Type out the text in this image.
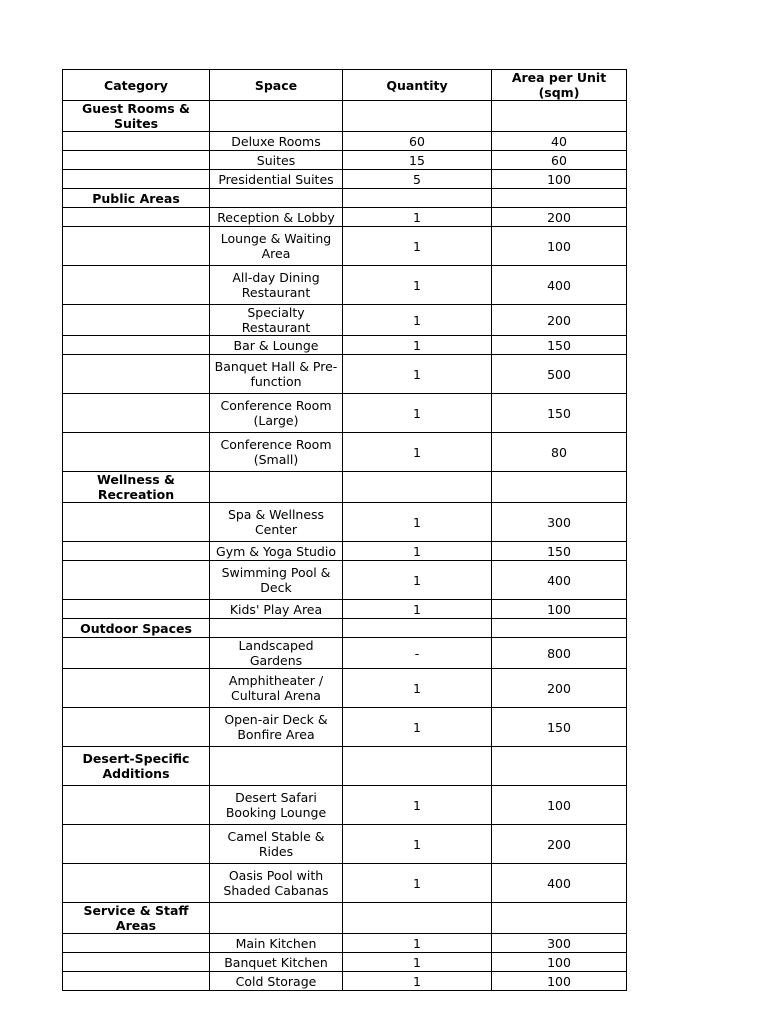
Category	Space	Quantity	Area per Unit (sqm)
Guest Rooms & Suites			
	Deluxe Rooms	60	40
	Suites	15	60
	Presidential Suites	5	100
Public Areas			
	Reception & Lobby	1	200
	Lounge & Waiting Area	1	100
	All-day Dining Restaurant	1	400
	Specialty Restaurant	1	200
	Bar & Lounge	1	150
	Banquet Hall & Pre-function	1	500
	Conference Room (Large)	1	150
	Conference Room (Small)	1	80
Wellness & Recreation			
	Spa & Wellness Center	1	300
	Gym & Yoga Studio	1	150
	Swimming Pool & Deck	1	400
	Kids' Play Area	1	100
Outdoor Spaces			
	Landscaped Gardens	-	800
	Amphitheater / Cultural Arena	1	200
	Open-air Deck & Bonfire Area	1	150
Desert-Specific Additions			
	Desert Safari Booking Lounge	1	100
	Camel Stable & Rides	1	200
	Oasis Pool with Shaded Cabanas	1	400
Service & Staff Areas			
	Main Kitchen	1	300
	Banquet Kitchen	1	100
	Cold Storage	1	100
